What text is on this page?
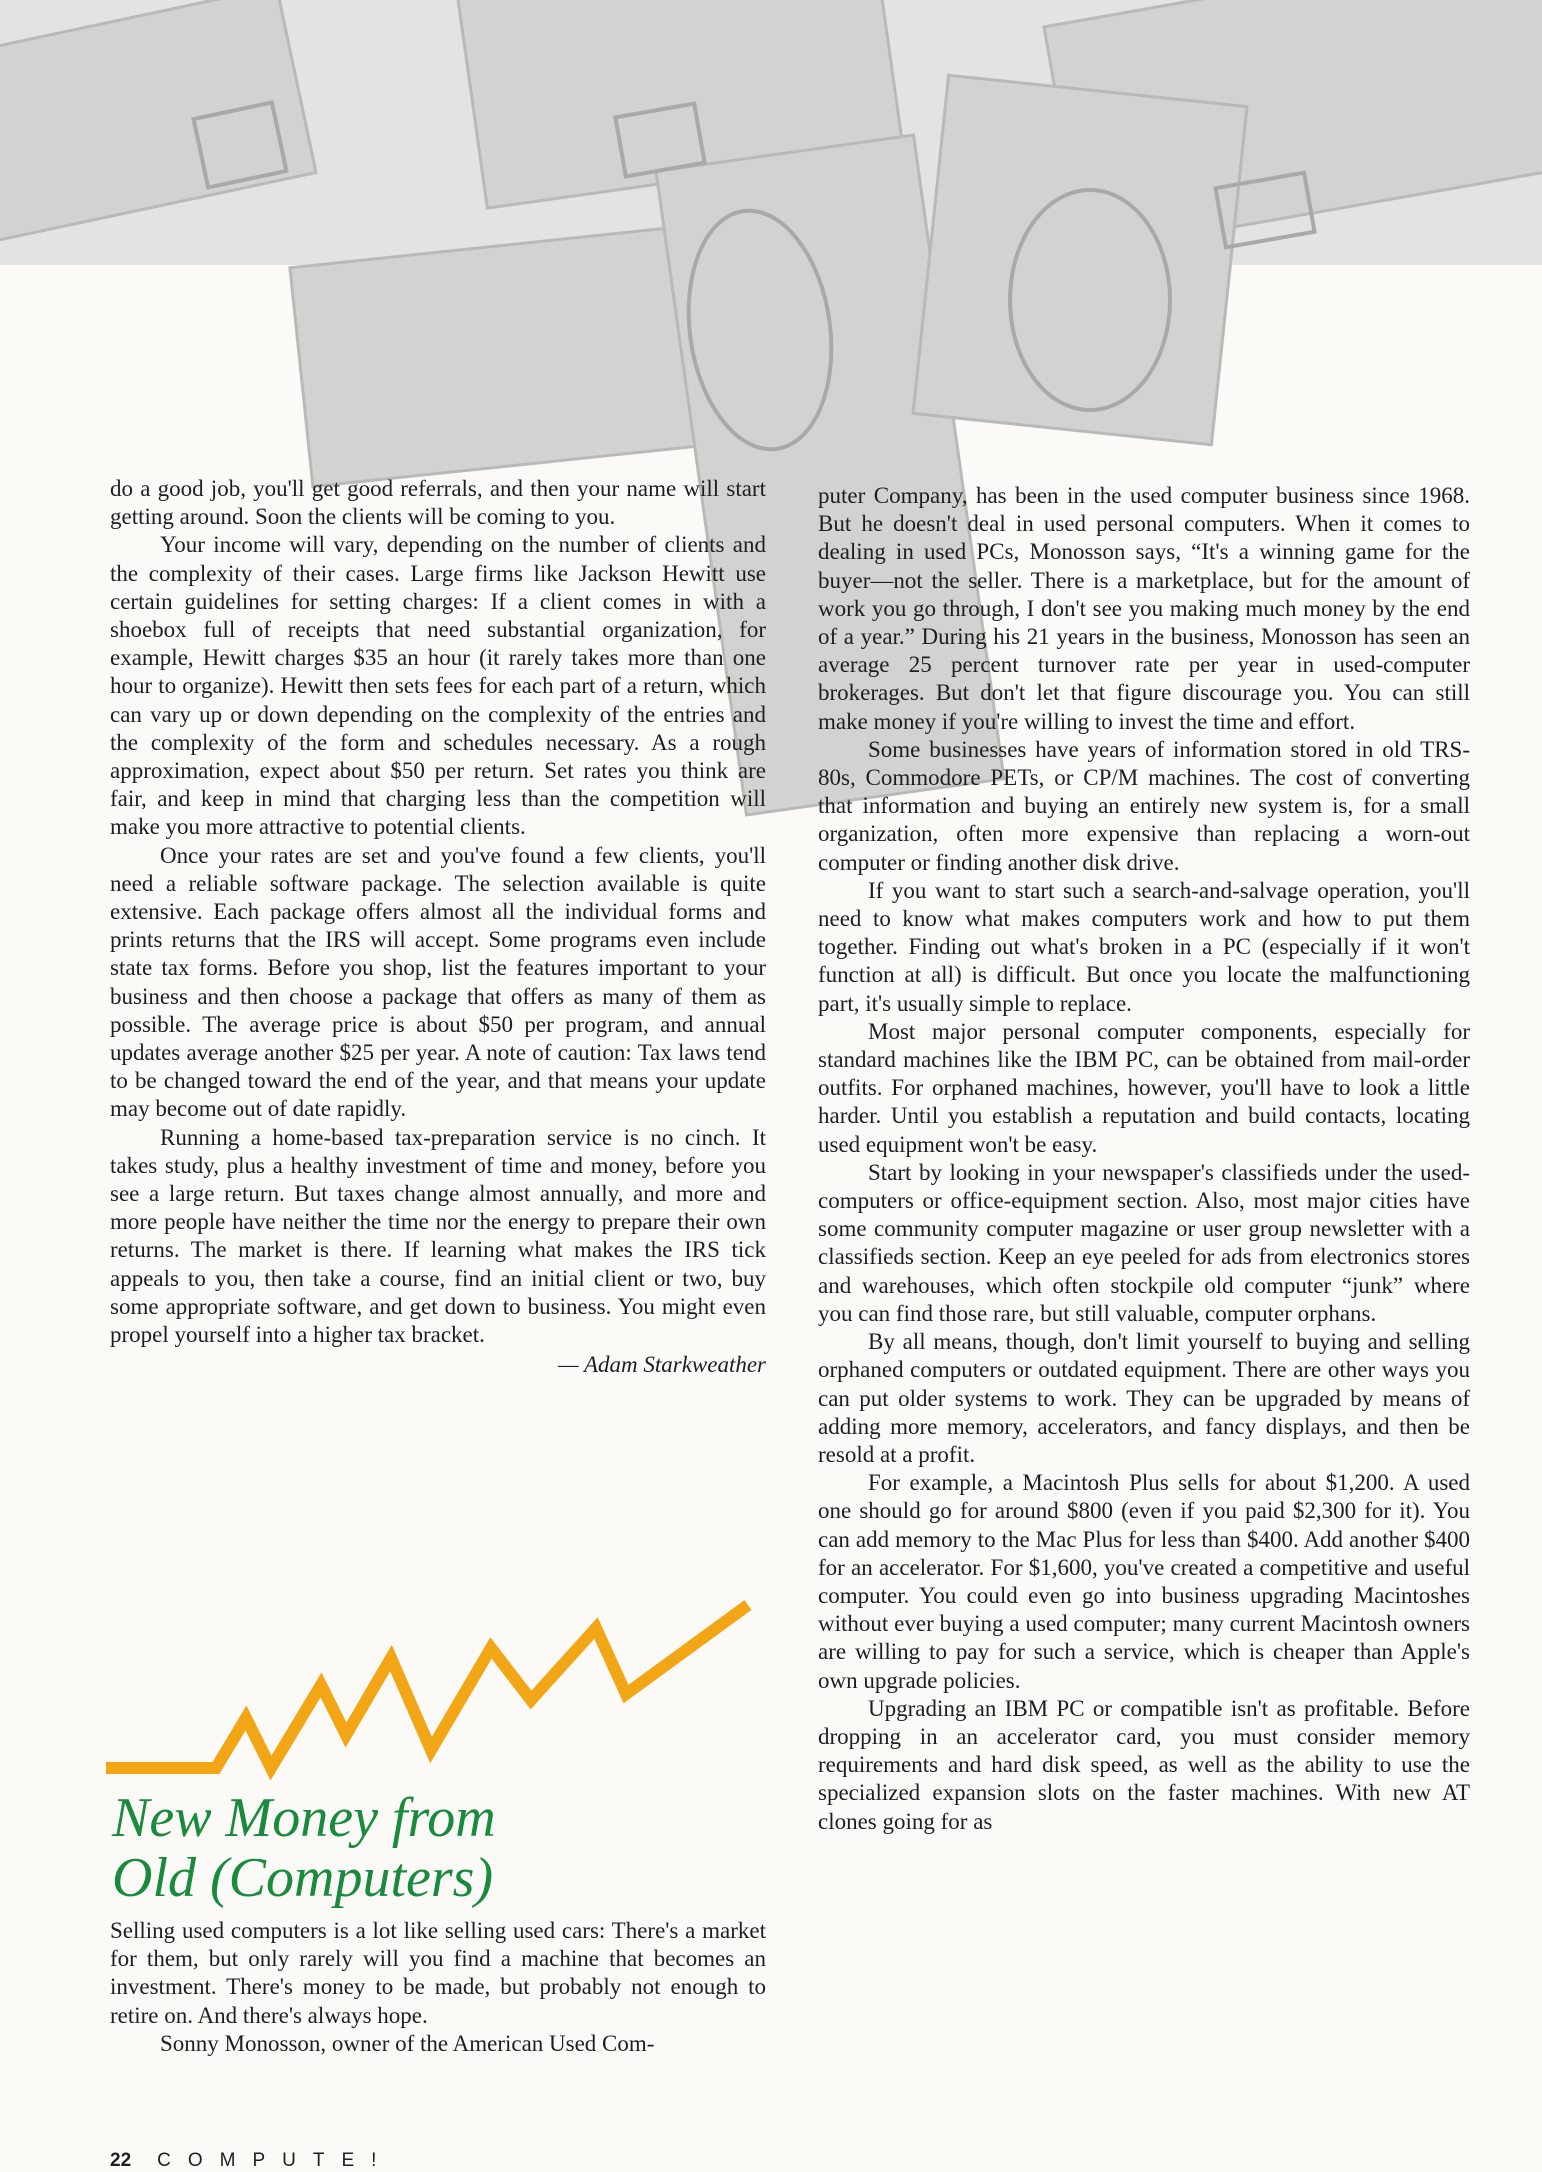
do a good job, you'll get good referrals, and then your name will start getting around. Soon the clients will be coming to you.

Your income will vary, depending on the number of clients and the complexity of their cases. Large firms like Jackson Hewitt use certain guidelines for setting charges: If a client comes in with a shoebox full of receipts that need substantial organization, for example, Hewitt charges $35 an hour (it rarely takes more than one hour to organize). Hewitt then sets fees for each part of a return, which can vary up or down depending on the complexity of the entries and the complexity of the form and schedules necessary. As a rough approximation, expect about $50 per return. Set rates you think are fair, and keep in mind that charging less than the competition will make you more attractive to potential clients.

Once your rates are set and you've found a few clients, you'll need a reliable software package. The selection available is quite extensive. Each package offers almost all the individual forms and prints returns that the IRS will accept. Some programs even include state tax forms. Before you shop, list the features important to your business and then choose a package that offers as many of them as possible. The average price is about $50 per program, and annual updates average another $25 per year. A note of caution: Tax laws tend to be changed toward the end of the year, and that means your update may become out of date rapidly.

Running a home-based tax-preparation service is no cinch. It takes study, plus a healthy investment of time and money, before you see a large return. But taxes change almost annually, and more and more people have neither the time nor the energy to prepare their own returns. The market is there. If learning what makes the IRS tick appeals to you, then take a course, find an initial client or two, buy some appropriate software, and get down to business. You might even propel yourself into a higher tax bracket.

— Adam Starkweather
New Money from
Old (Computers)

Selling used computers is a lot like selling used cars: There's a market for them, but only rarely will you find a machine that becomes an investment. There's money to be made, but probably not enough to retire on. And there's always hope.

Sonny Monosson, owner of the American Used Com-

puter Company, has been in the used computer business since 1968. But he doesn't deal in used personal computers. When it comes to dealing in used PCs, Monosson says, “It's a winning game for the buyer—not the seller. There is a marketplace, but for the amount of work you go through, I don't see you making much money by the end of a year.” During his 21 years in the business, Monosson has seen an average 25 percent turnover rate per year in used-computer brokerages. But don't let that figure discourage you. You can still make money if you're willing to invest the time and effort.

Some businesses have years of information stored in old TRS-80s, Commodore PETs, or CP/M machines. The cost of converting that information and buying an entirely new system is, for a small organization, often more expensive than replacing a worn-out computer or finding another disk drive.

If you want to start such a search-and-salvage operation, you'll need to know what makes computers work and how to put them together. Finding out what's broken in a PC (especially if it won't function at all) is difficult. But once you locate the malfunctioning part, it's usually simple to replace.

Most major personal computer components, especially for standard machines like the IBM PC, can be obtained from mail-order outfits. For orphaned machines, however, you'll have to look a little harder. Until you establish a reputation and build contacts, locating used equipment won't be easy.

Start by looking in your newspaper's classifieds under the used-computers or office-equipment section. Also, most major cities have some community computer magazine or user group newsletter with a classifieds section. Keep an eye peeled for ads from electronics stores and warehouses, which often stockpile old computer “junk” where you can find those rare, but still valuable, computer orphans.

By all means, though, don't limit yourself to buying and selling orphaned computers or outdated equipment. There are other ways you can put older systems to work. They can be upgraded by means of adding more memory, accelerators, and fancy displays, and then be resold at a profit.

For example, a Macintosh Plus sells for about $1,200. A used one should go for around $800 (even if you paid $2,300 for it). You can add memory to the Mac Plus for less than $400. Add another $400 for an accelerator. For $1,600, you've created a competitive and useful computer. You could even go into business upgrading Macintoshes without ever buying a used computer; many current Macintosh owners are willing to pay for such a service, which is cheaper than Apple's own upgrade policies.

Upgrading an IBM PC or compatible isn't as profitable. Before dropping in an accelerator card, you must consider memory requirements and hard disk speed, as well as the ability to use the specialized expansion slots on the faster machines. With new AT clones going for as

22 COMPUTE!
